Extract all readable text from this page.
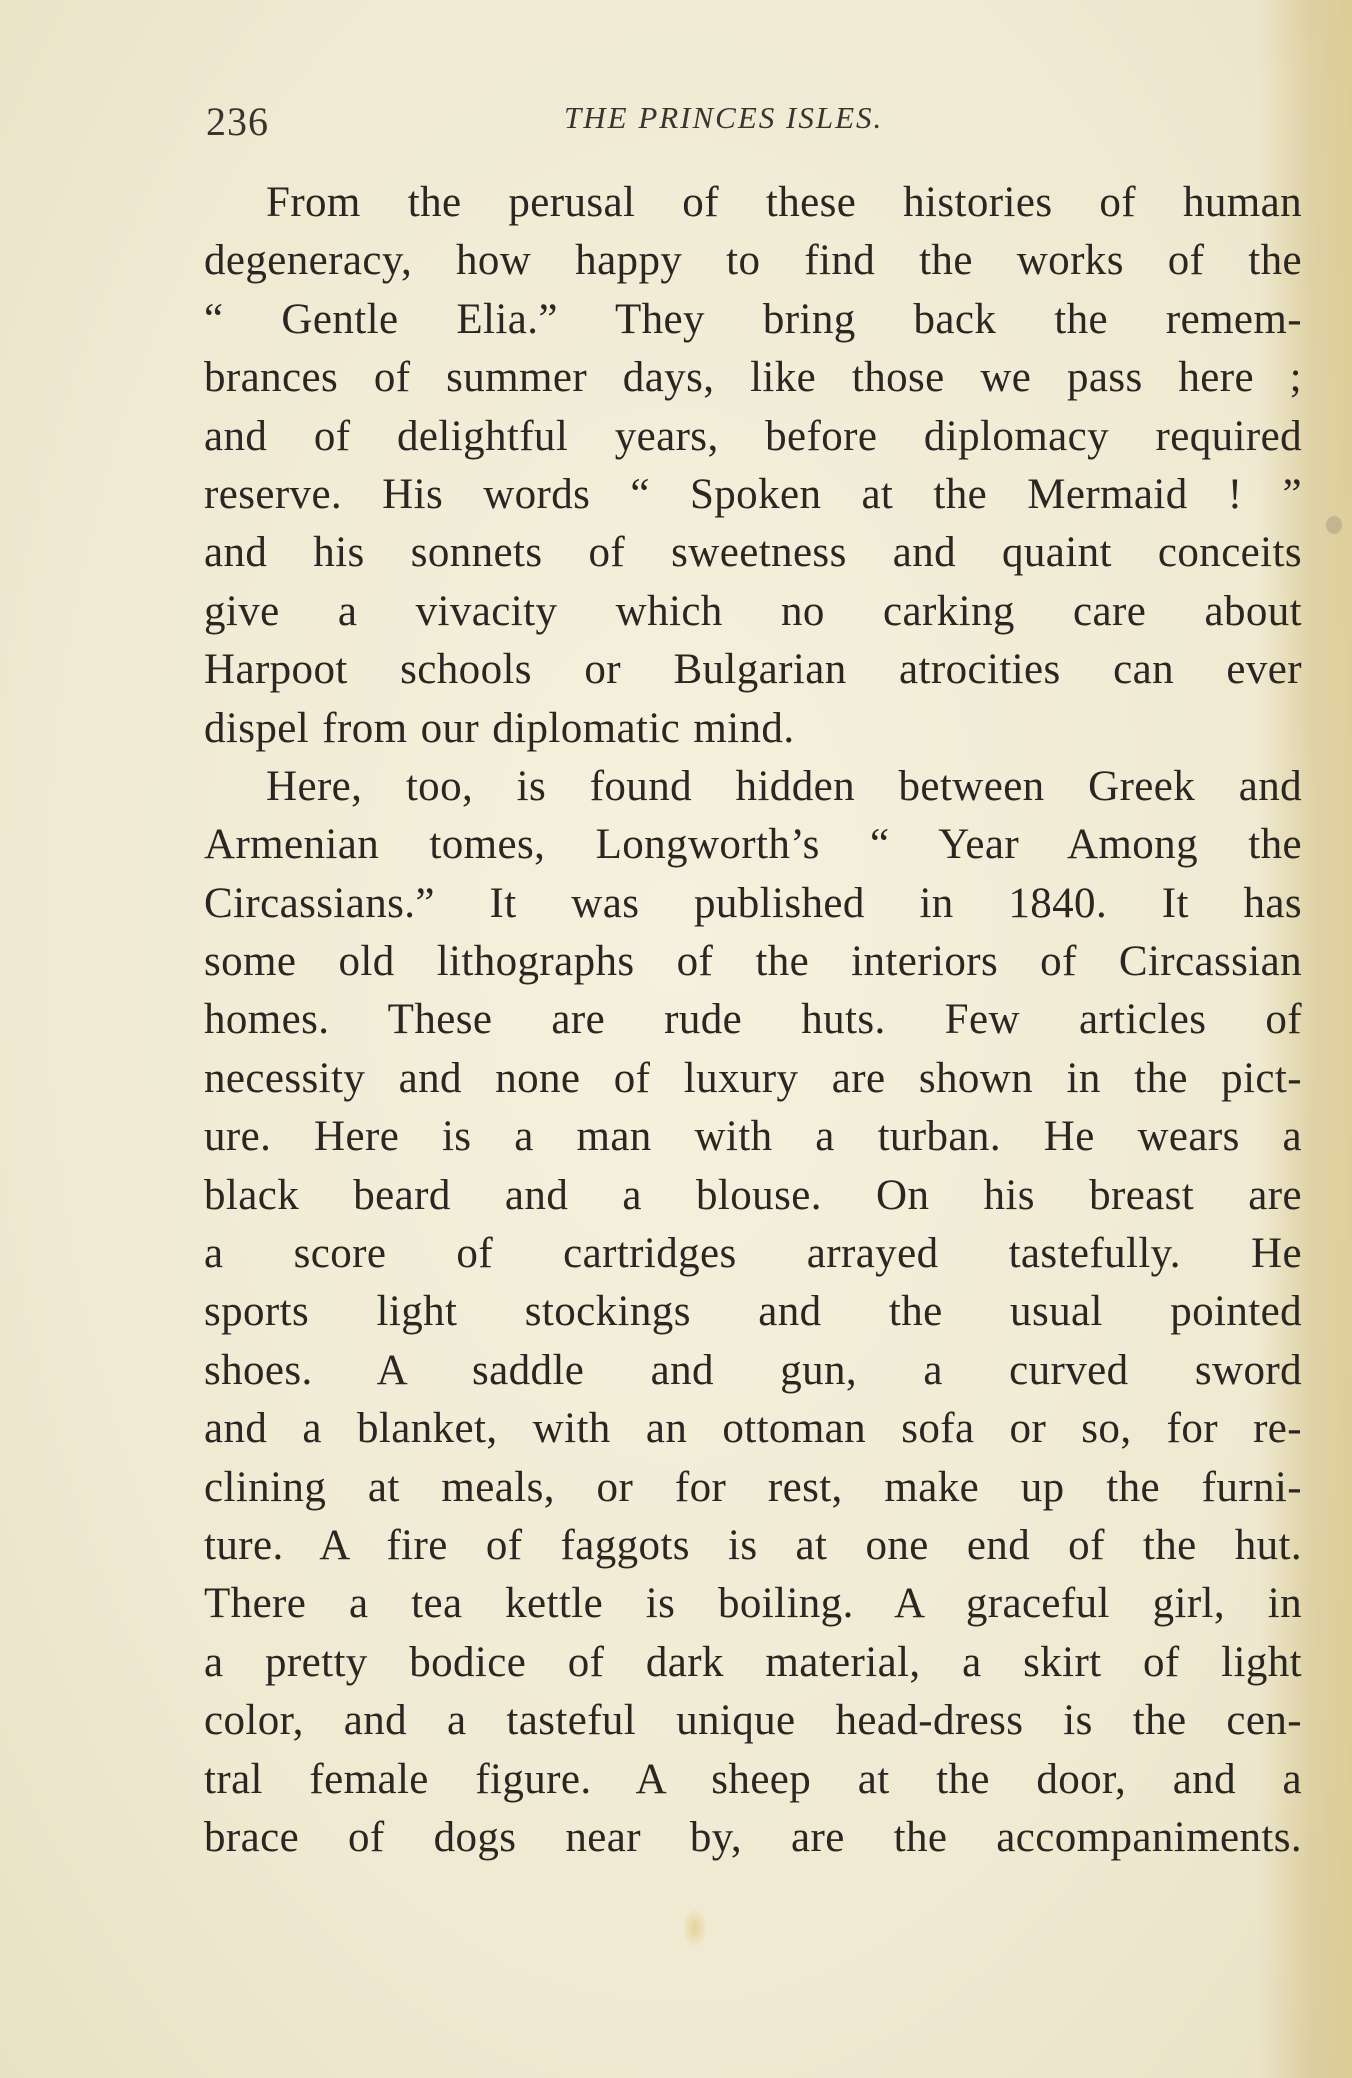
236	THE PRINCES ISLES.
From the perusal of these histories of human
degeneracy, how happy to find the works of the
“ Gentle Elia.” They bring back the remem-
brances of summer days, like those we pass here ;
and of delightful years, before diplomacy required
reserve. His words “ Spoken at the Mermaid ! ”
and his sonnets of sweetness and quaint conceits
give a vivacity which no carking care about
Harpoot schools or Bulgarian atrocities can ever
dispel from our diplomatic mind.
Here, too, is found hidden between Greek and
Armenian tomes, Longworth’s “ Year Among the
Circassians.” It was published in 1840. It has
some old lithographs of the interiors of Circassian
homes. These are rude huts. Few articles of
necessity and none of luxury are shown in the pict-
ure. Here is a man with a turban. He wears a
black beard and a blouse. On his breast are
a score of cartridges arrayed tastefully. He
sports light stockings and the usual pointed
shoes. A saddle and gun, a curved sword
and a blanket, with an ottoman sofa or so, for re-
clining at meals, or for rest, make up the furni-
ture. A fire of faggots is at one end of the hut.
There a tea kettle is boiling. A graceful girl, in
a pretty bodice of dark material, a skirt of light
color, and a tasteful unique head-dress is the cen-
tral female figure. A sheep at the door, and a
brace of dogs near by, are the accompaniments.
